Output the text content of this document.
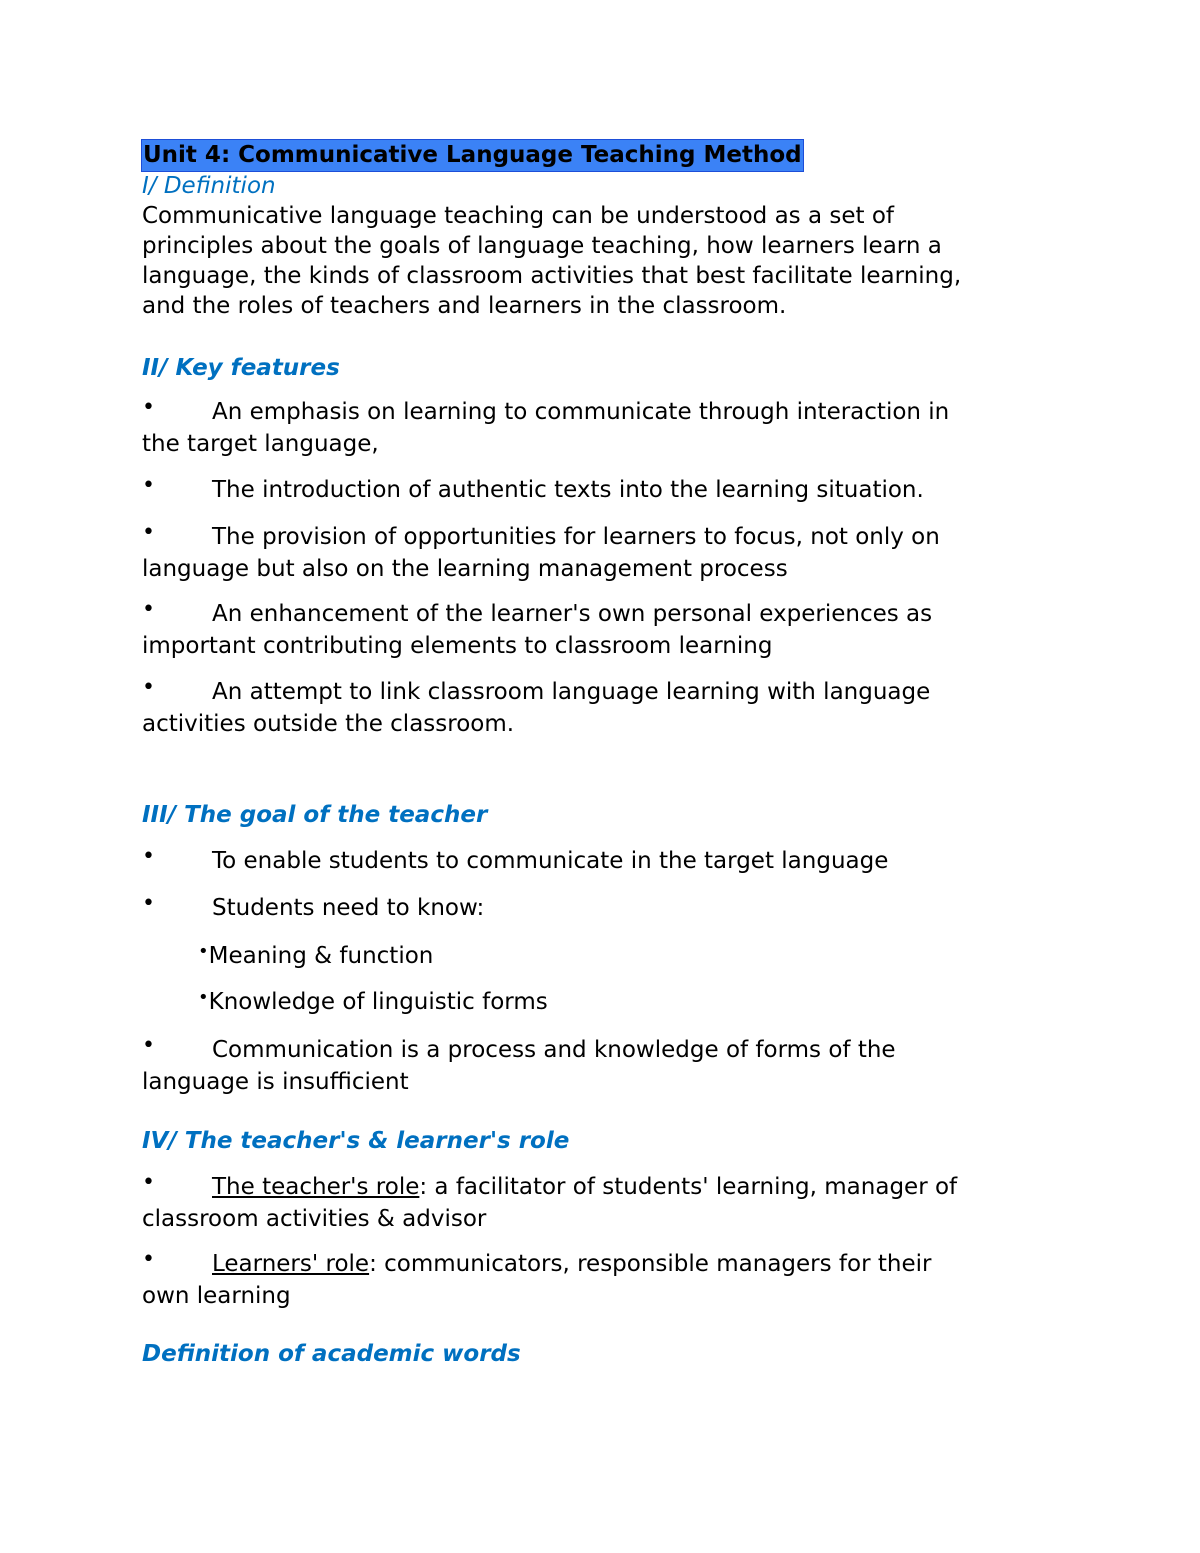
Unit 4: Communicative Language Teaching Method
I/ Definition
Communicative language teaching can be understood as a set of
principles about the goals of language teaching, how learners learn a
language, the kinds of classroom activities that best facilitate learning,
and the roles of teachers and learners in the classroom.
II/ Key features
•	An emphasis on learning to communicate through interaction in
the target language,
•	The introduction of authentic texts into the learning situation.
•	The provision of opportunities for learners to focus, not only on
language but also on the learning management process
•	An enhancement of the learner's own personal experiences as
important contributing elements to classroom learning
•	An attempt to link classroom language learning with language
activities outside the classroom.
III/ The goal of the teacher
•	To enable students to communicate in the target language
•	Students need to know:
•Meaning & function
•Knowledge of linguistic forms
•	Communication is a process and knowledge of forms of the
language is insufficient
IV/ The teacher's & learner's role
•	The teacher's role: a facilitator of students' learning, manager of
classroom activities & advisor
•	Learners' role: communicators, responsible managers for their
own learning
Definition of academic words
